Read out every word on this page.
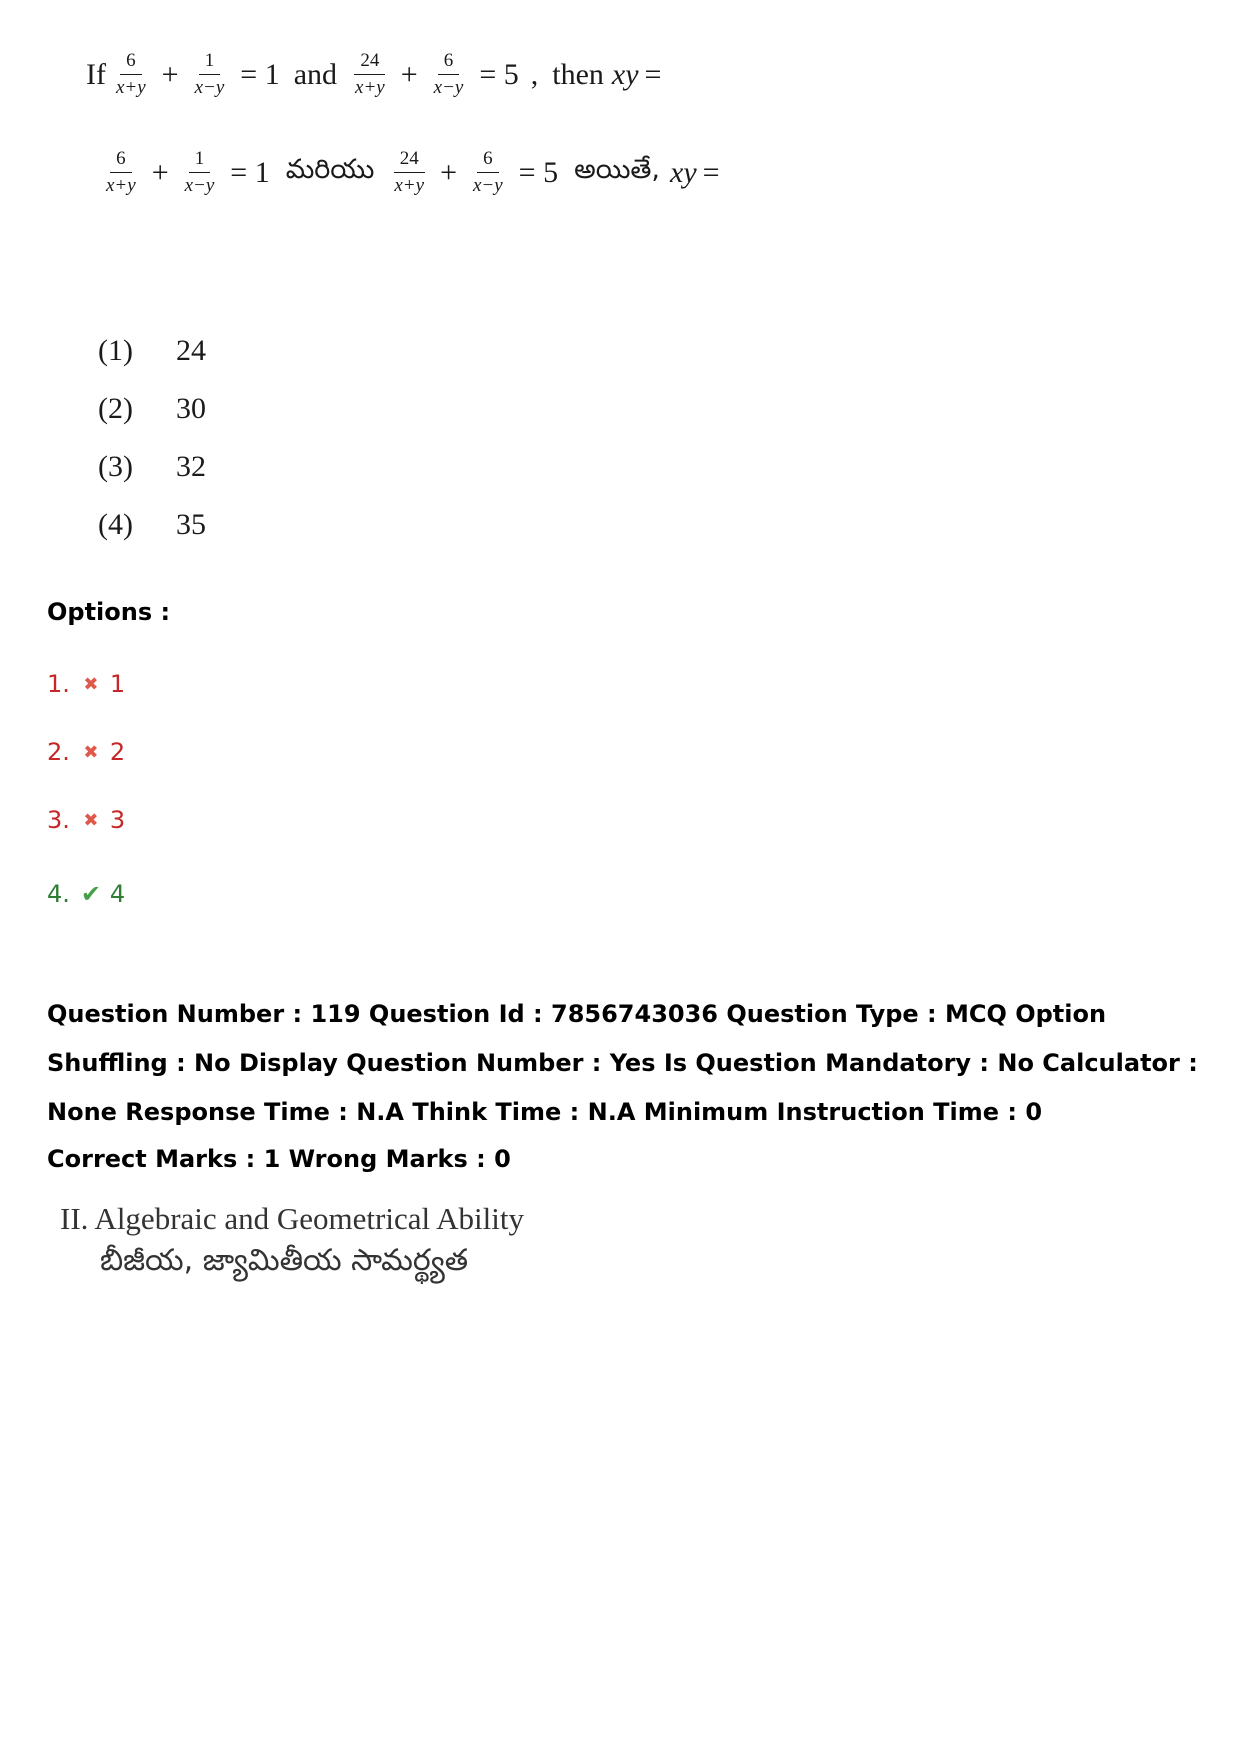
If $\frac{6}{x+y} + \frac{1}{x-y} = 1$ and $\frac{24}{x+y} + \frac{6}{x-y} = 5$ , then xy =
$\frac{6}{x+y} + \frac{1}{x-y} = 1$ మరియు $\frac{24}{x+y} + \frac{6}{x-y} = 5$ అయితే, xy =
(1)	24
(2)	30
(3)	32
(4)	35
Options :
1. ✖ 1
2. ✖ 2
3. ✖ 3
4. ✔ 4
Question Number : 119 Question Id : 7856743036 Question Type : MCQ Option Shuffling : No Display Question Number : Yes Is Question Mandatory : No Calculator : None Response Time : N.A Think Time : N.A Minimum Instruction Time : 0
Correct Marks : 1 Wrong Marks : 0
II. Algebraic and Geometrical Ability
బీజీయ, జ్యామితీయ సామర్థ్యత
